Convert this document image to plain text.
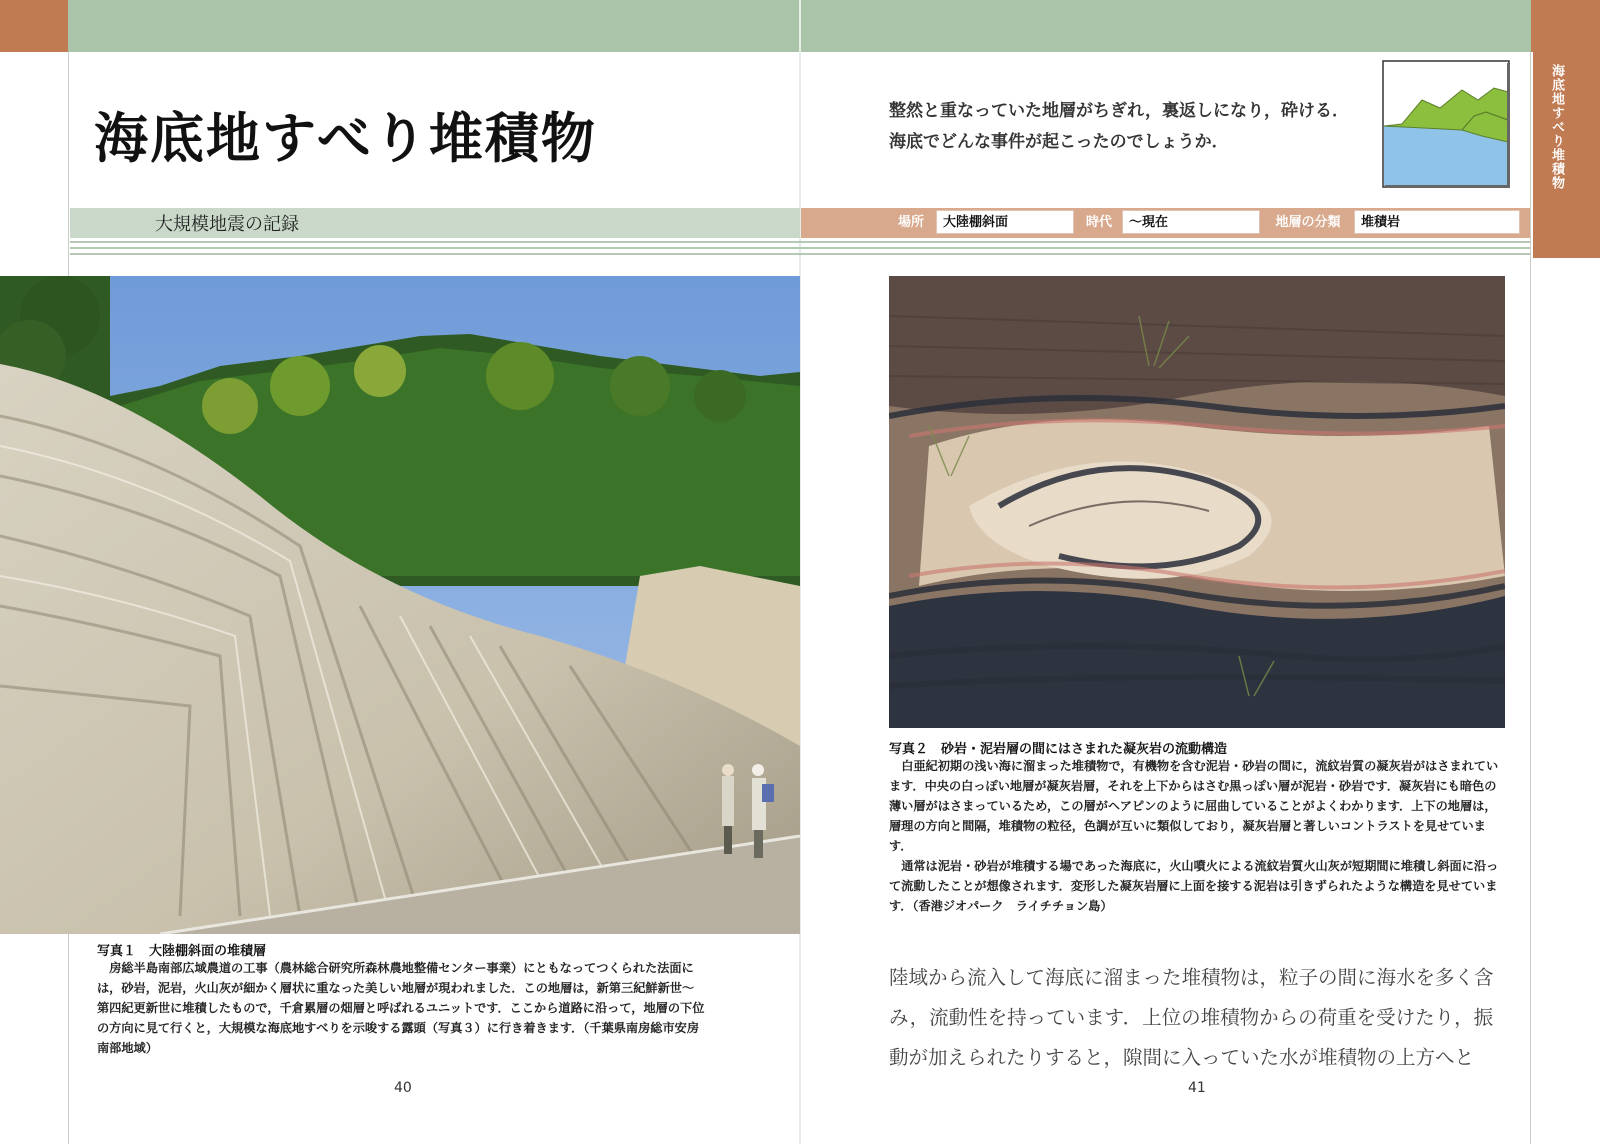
海底地すべり堆積物
海底地すべり堆積物	整然と重なっていた地層がちぎれ，裏返しになり，砕ける．
海底でどんな事件が起こったのでしょうか．
大規模地震の記録	場所	大陸棚斜面	時代	～現在	地層の分類	堆積岩
写真１　大陸棚斜面の堆積層

房総半島南部広域農道の工事（農林総合研究所森林農地整備センター事業）にともなってつくられた法面には，砂岩，泥岩，火山灰が細かく層状に重なった美しい地層が現われました．この地層は，新第三紀鮮新世～第四紀更新世に堆積したもので，千倉累層の畑層と呼ばれるユニットです．ここから道路に沿って，地層の下位の方向に見て行くと，大規模な海底地すべりを示唆する露頭（写真３）に行き着きます．（千葉県南房総市安房南部地域）

写真２　砂岩・泥岩層の間にはさまれた凝灰岩の流動構造

白亜紀初期の浅い海に溜まった堆積物で，有機物を含む泥岩・砂岩の間に，流紋岩質の凝灰岩がはさまれています．中央の白っぽい地層が凝灰岩層，それを上下からはさむ黒っぽい層が泥岩・砂岩です．凝灰岩にも暗色の薄い層がはさまっているため，この層がヘアピンのように屈曲していることがよくわかります．上下の地層は，層理の方向と間隔，堆積物の粒径，色調が互いに類似しており，凝灰岩層と著しいコントラストを見せています．

通常は泥岩・砂岩が堆積する場であった海底に，火山噴火による流紋岩質火山灰が短期間に堆積し斜面に沿って流動したことが想像されます．変形した凝灰岩層に上面を接する泥岩は引きずられたような構造を見せています．（香港ジオパーク　ライチチョン島）

陸域から流入して海底に溜まった堆積物は，粒子の間に海水を多く含み，流動性を持っています．上位の堆積物からの荷重を受けたり，振動が加えられたりすると，隙間に入っていた水が堆積物の上方へと
40	41
